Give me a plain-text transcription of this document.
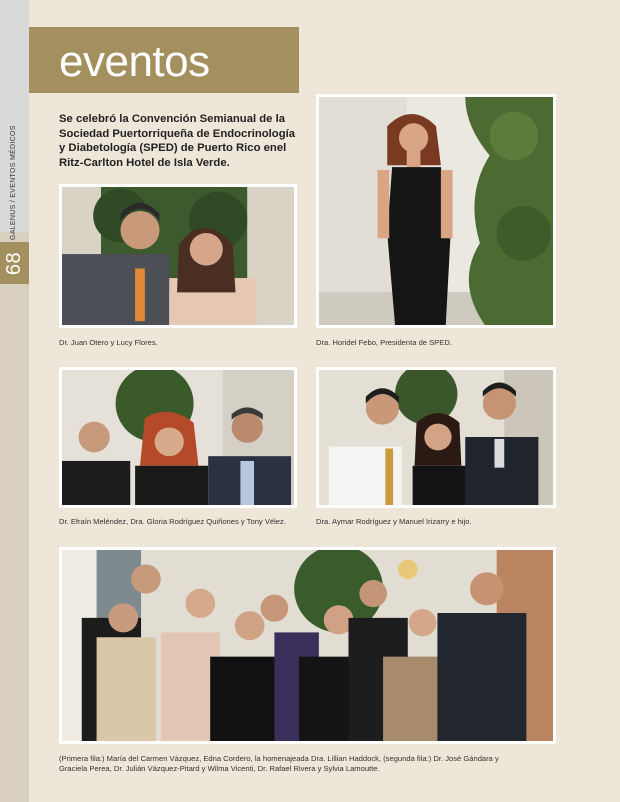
GALENUS / EVENTOS MÉDICOS
68
eventos
Se celebró la Convención Semianual de la Sociedad Puertorriqueña de Endocrinología y Diabetología (SPED) de Puerto Rico enel Ritz-Carlton Hotel de Isla Verde.
Dr. Juan Otero y Lucy Flores.	Dra. Horidel Febo, Presidenta de SPED.
Dr. Efraín Meléndez, Dra. Gloria Rodríguez Quiñones y Tony Vélez.	Dra. Aymar Rodríguez y Manuel Irizarry e hijo.
(Primera fila:) María del Carmen Vázquez, Edna Cordero, la homenajeada Dra. Lillian Haddock, (segunda fila:) Dr. José Gándara y Graciela Perea, Dr. Julián Vázquez-Pitard y Wilma Vicenti, Dr. Rafael Rivera y Sylvia Lamoutte.
